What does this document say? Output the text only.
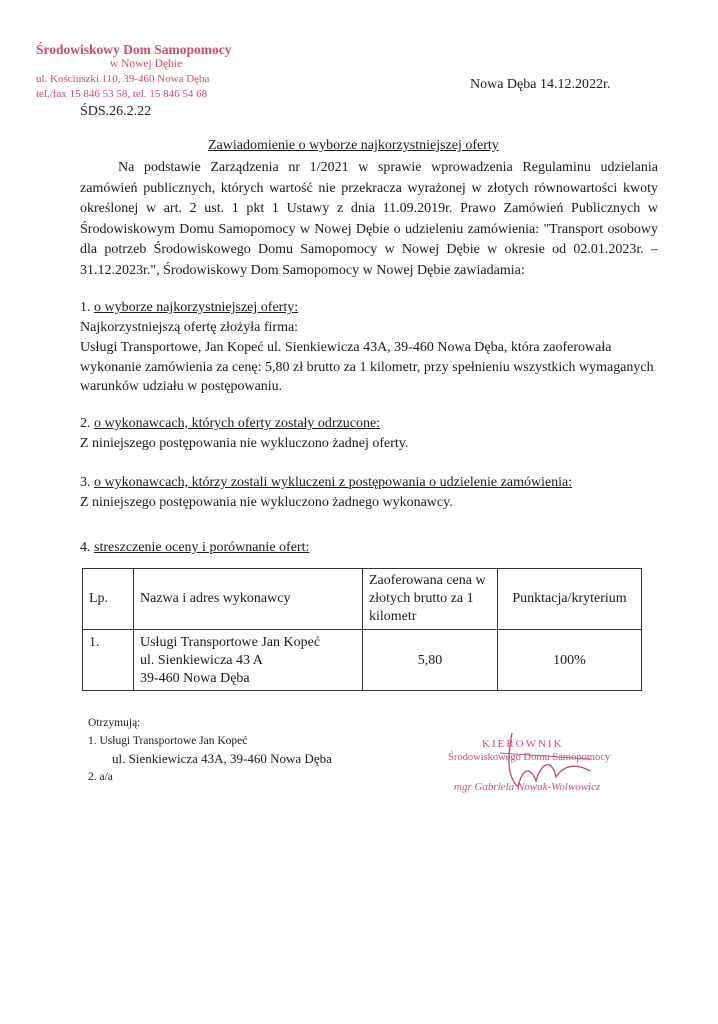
Środowiskowy Dom Samopomocy
w Nowej Dębie
ul. Kościuszki 110, 39-460 Nowa Dęba
tel./fax 15 846 53 58, tel. 15 846 54 68
ŚDS.26.2.22
Nowa Dęba 14.12.2022r.
Zawiadomienie o wyborze najkorzystniejszej oferty
Na podstawie Zarządzenia nr 1/2021 w sprawie wprowadzenia Regulaminu udzielania zamówień publicznych, których wartość nie przekracza wyrażonej w złotych równowartości kwoty określonej w art. 2 ust. 1 pkt 1 Ustawy z dnia 11.09.2019r. Prawo Zamówień Publicznych w Środowiskowym Domu Samopomocy w Nowej Dębie o udzieleniu zamówienia: "Transport osobowy dla potrzeb Środowiskowego Domu Samopomocy w Nowej Dębie w okresie od 02.01.2023r. – 31.12.2023r.", Środowiskowy Dom Samopomocy w Nowej Dębie zawiadamia:
1. o wyborze najkorzystniejszej oferty:
Najkorzystniejszą ofertę złożyła firma:
Usługi Transportowe, Jan Kopeć ul. Sienkiewicza 43A, 39-460 Nowa Dęba, która zaoferowała wykonanie zamówienia za cenę: 5,80 zł brutto za 1 kilometr, przy spełnieniu wszystkich wymaganych warunków udziału w postępowaniu.
2. o wykonawcach, których oferty zostały odrzucone:
Z niniejszego postępowania nie wykluczono żadnej oferty.
3. o wykonawcach, którzy zostali wykluczeni z postępowania o udzielenie zamówienia:
Z niniejszego postępowania nie wykluczono żadnego wykonawcy.
4. streszczenie oceny i porównanie ofert:
Lp.	Nazwa i adres wykonawcy	Zaoferowana cena w złotych brutto za 1 kilometr	Punktacja/kryterium
1.	Usługi Transportowe Jan Kopeć
ul. Sienkiewicza 43 A
39-460 Nowa Dęba	5,80	100%
Otrzymują:
1. Usługi Transportowe Jan Kopeć
ul. Sienkiewicza 43A, 39-460 Nowa Dęba
2. a/a
KIEROWNIK
Środowiskowego Domu Samopomocy
mgr Gabriela Nowak-Wolwowicz
